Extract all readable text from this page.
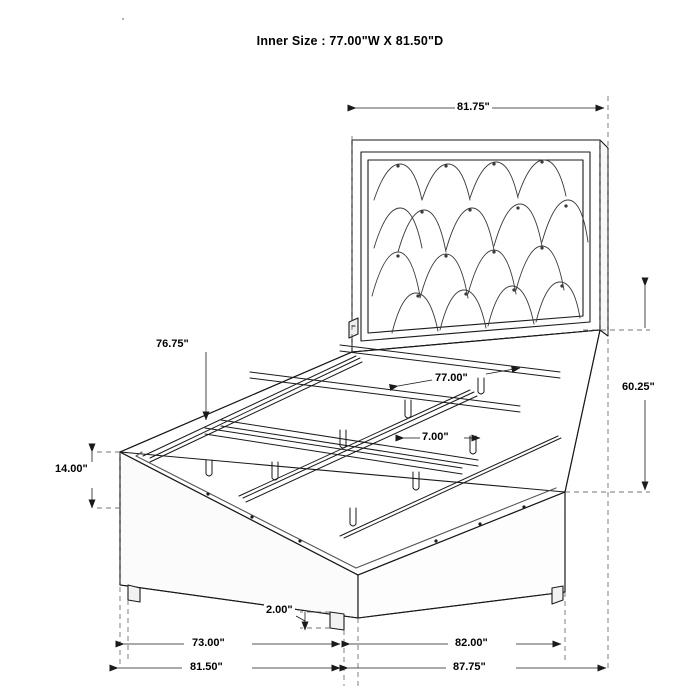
Inner Size : 77.00"W X 81.50"D
81.75"
60.25"
77.00"
7.00"
76.75"
14.00"
2.00"
73.00"	82.00"
81.50"	87.75"
